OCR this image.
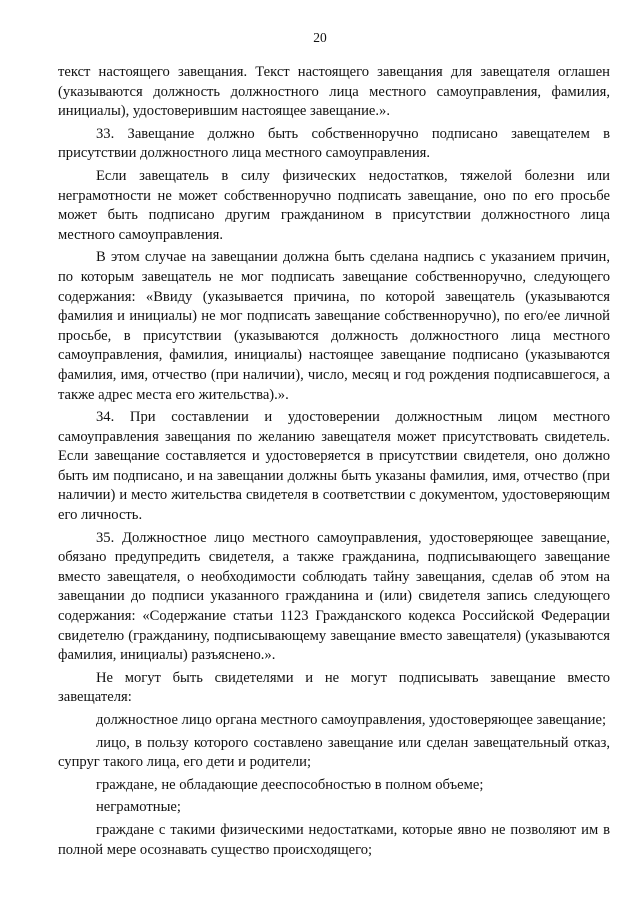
20

текст настоящего завещания. Текст настоящего завещания для завещателя оглашен (указываются должность должностного лица местного самоуправления, фамилия, инициалы), удостоверившим настоящее завещание.».

33. Завещание должно быть собственноручно подписано завещателем в присутствии должностного лица местного самоуправления.

Если завещатель в силу физических недостатков, тяжелой болезни или неграмотности не может собственноручно подписать завещание, оно по его просьбе может быть подписано другим гражданином в присутствии должностного лица местного самоуправления.

В этом случае на завещании должна быть сделана надпись с указанием причин, по которым завещатель не мог подписать завещание собственноручно, следующего содержания: «Ввиду (указывается причина, по которой завещатель (указываются фамилия и инициалы) не мог подписать завещание собственноручно), по его/ее личной просьбе, в присутствии (указываются должность должностного лица местного самоуправления, фамилия, инициалы) настоящее завещание подписано (указываются фамилия, имя, отчество (при наличии), число, месяц и год рождения подписавшегося, а также адрес места его жительства).».

34. При составлении и удостоверении должностным лицом местного самоуправления завещания по желанию завещателя может присутствовать свидетель. Если завещание составляется и удостоверяется в присутствии свидетеля, оно должно быть им подписано, и на завещании должны быть указаны фамилия, имя, отчество (при наличии) и место жительства свидетеля в соответствии с документом, удостоверяющим его личность.

35. Должностное лицо местного самоуправления, удостоверяющее завещание, обязано предупредить свидетеля, а также гражданина, подписывающего завещание вместо завещателя, о необходимости соблюдать тайну завещания, сделав об этом на завещании до подписи указанного гражданина и (или) свидетеля запись следующего содержания: «Содержание статьи 1123 Гражданского кодекса Российской Федерации свидетелю (гражданину, подписывающему завещание вместо завещателя) (указываются фамилия, инициалы) разъяснено.».

Не могут быть свидетелями и не могут подписывать завещание вместо завещателя:

должностное лицо органа местного самоуправления, удостоверяющее завещание;

лицо, в пользу которого составлено завещание или сделан завещательный отказ, супруг такого лица, его дети и родители;

граждане, не обладающие дееспособностью в полном объеме;

неграмотные;

граждане с такими физическими недостатками, которые явно не позволяют им в полной мере осознавать существо происходящего;
